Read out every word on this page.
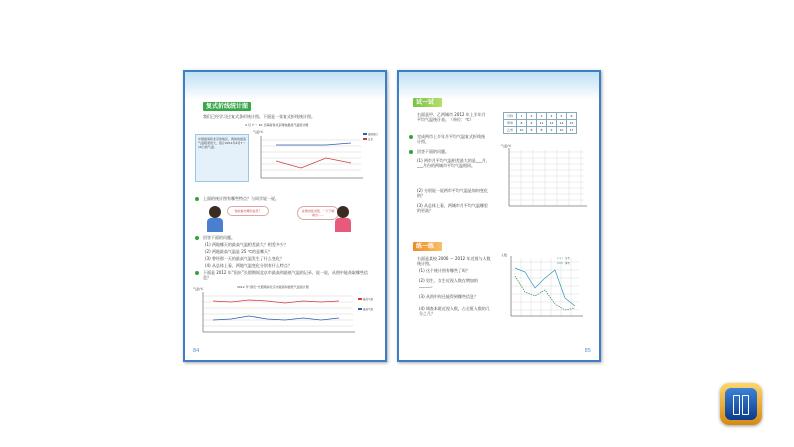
复式折线统计图
我们已经学习过复式条形统计图。下面是一张复式折线统计图。
4 月 7 ～ 10 日海南和北京两地最高气温统计图
中国最南和北京的地区，两地的最高气温相差很大，统计2011年4月7～10日的气温。
气温/℃
海南海口
北京
上面的统计图有哪些特点？与同学说一说。
你能看出哪些信息？	这样的统计图，一下子就看出……
回答下面的问题。
(1) 两地哪天的最高气温相差最大？相差多少？
(2) 两地最高气温是 25 ℃的是哪天？
(3) 曾经那一天的最高气温发生了什么变化？
(4) 从总体上看，两地气温变化分别有什么特点？
下面是 2012 年“国庆”长假期间北京市最高和最低气温的记录，说一说，从图中能获取哪些信息？
2012 年“国庆”长假期间北京市最高和最低气温统计图
气温/℃
最高气温
最低气温
84
试一试
右面是甲、乙两城市 2012 年上半年月平均气温统计表。（单位：℃）
月份	1	2	3	4	5	6
甲市	8	9	11	12	14	15
乙市	10	8	8	9	10	17
完成两市上半年月平均气温复式折线统计图。
回答下面的问题。
(1) 两市月平均气温相差最大的是___月，___月份的两城市平均气温相同。
(2) 分别说一说两市平均气温是如何变化的？
(3) 从总体上看，两城市月平均气温哪里的更高？
气温/℃
练一练
右面是某校 2006 ～ 2012 年近视与人数统计图。
(1) 这个统计图有哪些了吗？
(2) 男生、女生近视人数在增加的______。
(3) 从图中你还能得到哪些信息？
(4) 调查本班近视人数，占全班人数的几分之几？
人数
女生
男生
85
